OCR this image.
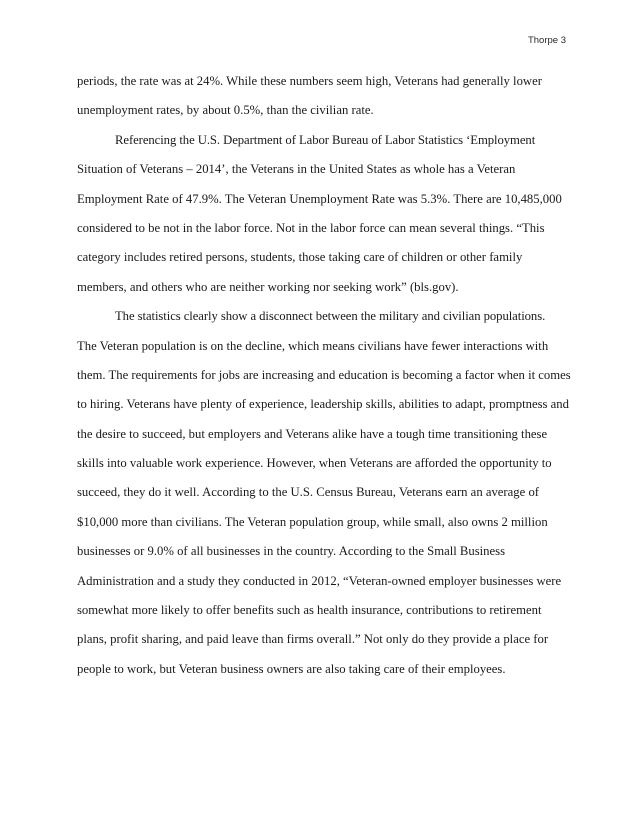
Thorpe 3
periods, the rate was at 24%. While these numbers seem high, Veterans had generally lower
unemployment rates, by about 0.5%, than the civilian rate.
Referencing the U.S. Department of Labor Bureau of Labor Statistics ‘Employment
Situation of Veterans – 2014’, the Veterans in the United States as whole has a Veteran
Employment Rate of 47.9%. The Veteran Unemployment Rate was 5.3%. There are 10,485,000
considered to be not in the labor force. Not in the labor force can mean several things. “This
category includes retired persons, students, those taking care of children or other family
members, and others who are neither working nor seeking work” (bls.gov).
The statistics clearly show a disconnect between the military and civilian populations.
The Veteran population is on the decline, which means civilians have fewer interactions with
them. The requirements for jobs are increasing and education is becoming a factor when it comes
to hiring. Veterans have plenty of experience, leadership skills, abilities to adapt, promptness and
the desire to succeed, but employers and Veterans alike have a tough time transitioning these
skills into valuable work experience. However, when Veterans are afforded the opportunity to
succeed, they do it well. According to the U.S. Census Bureau, Veterans earn an average of
$10,000 more than civilians. The Veteran population group, while small, also owns 2 million
businesses or 9.0% of all businesses in the country. According to the Small Business
Administration and a study they conducted in 2012, “Veteran-owned employer businesses were
somewhat more likely to offer benefits such as health insurance, contributions to retirement
plans, profit sharing, and paid leave than firms overall.” Not only do they provide a place for
people to work, but Veteran business owners are also taking care of their employees.
